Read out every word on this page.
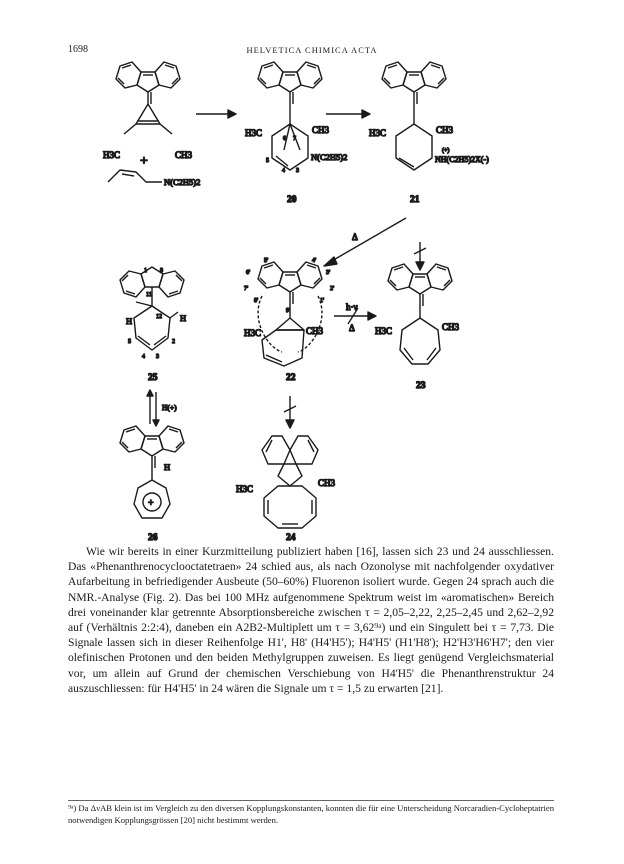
1698	HELVETICA CHIMICA ACTA
H3C	CH3
+
N(C2H5)2
H3C	CH3
N(C2H5)2
6 7
5
4 3
20
H3C	CH3
(+)
NH(C2H5)2X(-)
21
Δ
H	H
11
12
1 8
2
3
4
5
25
H3C	CH3
5'	4'
6'	3'
7'	2'
8'	1'
9'
22
h·ν
Δ H3C	CH3
23
H(+)
H
+
26
H3C
CH3
24

Wie wir bereits in einer Kurzmitteilung publiziert haben [16], lassen sich 23 und 24 ausschliessen. Das «Phenanthrenocyclooctatetraen» 24 schied aus, als nach Ozonolyse mit nachfolgender oxydativer Aufarbeitung in befriedigender Ausbeute (50–60%) Fluorenon isoliert wurde. Gegen 24 sprach auch die NMR.-Analyse (Fig. 2). Das bei 100 MHz aufgenommene Spektrum weist im «aromatischen» Bereich drei voneinander klar getrennte Absorptionsbereiche zwischen τ = 2,05–2,22, 2,25–2,45 und 2,62–2,92 auf (Verhältnis 2:2:4), daneben ein A2B2-Multiplett um τ = 3,62⁹ᵃ) und ein Singulett bei τ = 7,73. Die Signale lassen sich in dieser Reihenfolge H1', H8' (H4'H5'); H4'H5' (H1'H8'); H2'H3'H6'H7'; den vier olefinischen Protonen und den beiden Methylgruppen zuweisen. Es liegt genügend Vergleichsmaterial vor, um allein auf Grund der chemischen Verschiebung von H4'H5' die Phenanthrenstruktur 24 auszuschliessen: für H4'H5' in 24 wären die Signale um τ = 1,5 zu erwarten [21].

⁹ᵃ) Da ΔνAB klein ist im Vergleich zu den diversen Kopplungskonstanten, konnten die für eine Unterscheidung Norcaradien-Cycloheptatrien notwendigen Kopplungsgrössen [20] nicht bestimmt werden.
